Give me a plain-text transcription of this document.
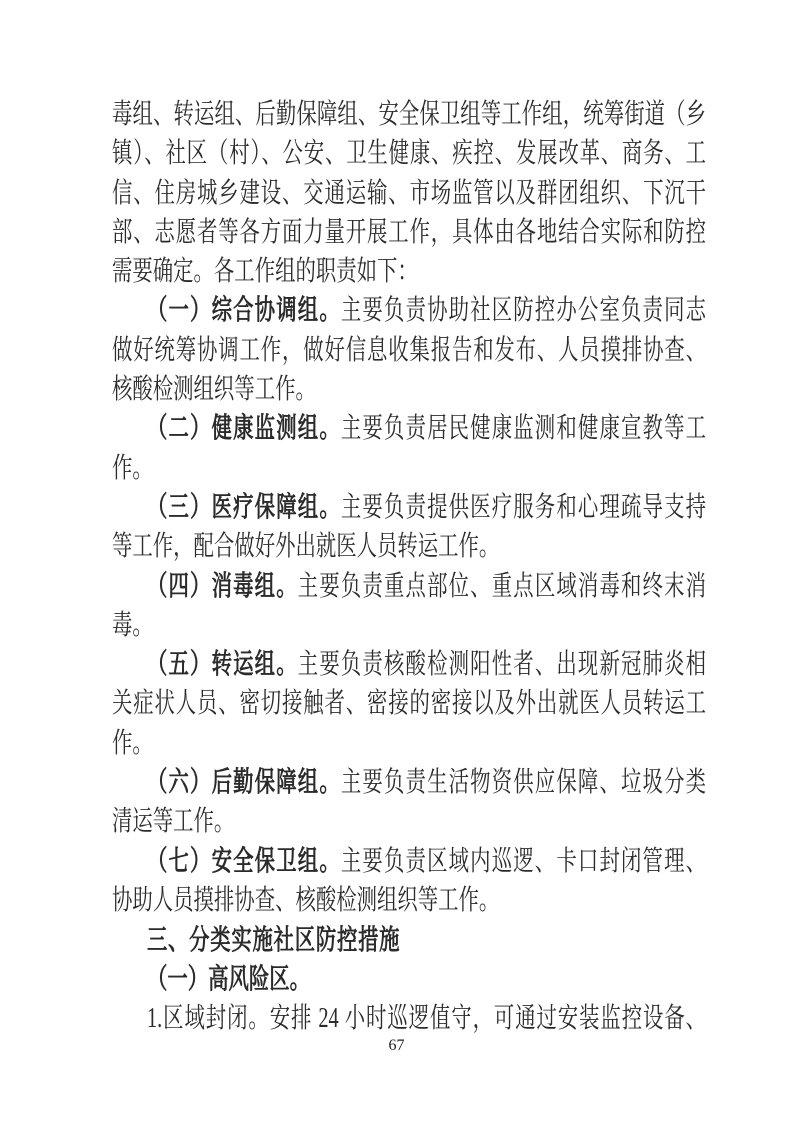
毒组、转运组、后勤保障组、安全保卫组等工作组，统筹街道（乡
镇）、社区（村）、公安、卫生健康、疾控、发展改革、商务、工
信、住房城乡建设、交通运输、市场监管以及群团组织、下沉干
部、志愿者等各方面力量开展工作，具体由各地结合实际和防控
需要确定。各工作组的职责如下：
（一）综合协调组。主要负责协助社区防控办公室负责同志
做好统筹协调工作，做好信息收集报告和发布、人员摸排协查、
核酸检测组织等工作。
（二）健康监测组。主要负责居民健康监测和健康宣教等工
作。
（三）医疗保障组。主要负责提供医疗服务和心理疏导支持
等工作，配合做好外出就医人员转运工作。
（四）消毒组。主要负责重点部位、重点区域消毒和终末消
毒。
（五）转运组。主要负责核酸检测阳性者、出现新冠肺炎相
关症状人员、密切接触者、密接的密接以及外出就医人员转运工
作。
（六）后勤保障组。主要负责生活物资供应保障、垃圾分类
清运等工作。
（七）安全保卫组。主要负责区域内巡逻、卡口封闭管理、
协助人员摸排协查、核酸检测组织等工作。
三、分类实施社区防控措施
（一）高风险区。
1.区域封闭。安排 24 小时巡逻值守，可通过安装监控设备、
67
